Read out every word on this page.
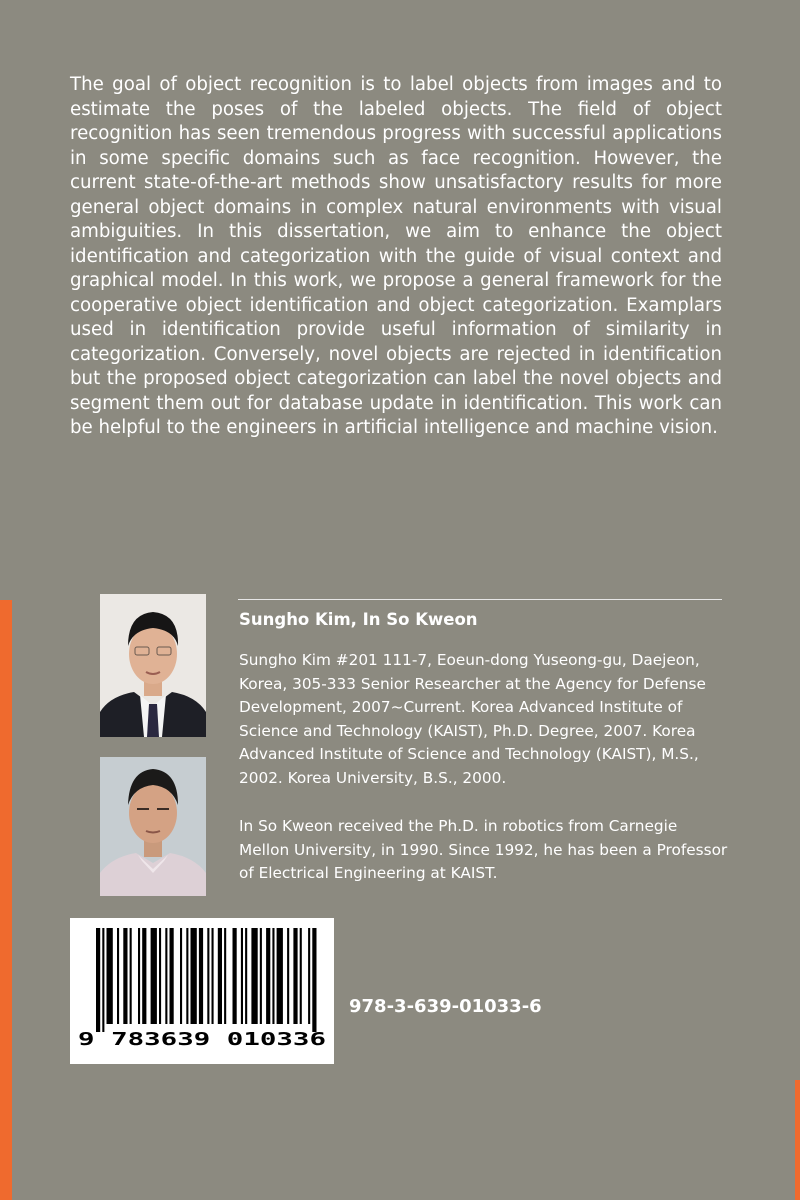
The goal of object recognition is to label objects from images and to estimate the poses of the labeled objects. The field of object recognition has seen tremendous progress with successful applications in some specific domains such as face recognition. However, the current state-of-the-art methods show unsatisfactory results for more general object domains in complex natural environments with visual ambiguities. In this dissertation, we aim to enhance the object identification and categorization with the guide of visual context and graphical model. In this work, we propose a general framework for the cooperative object identification and object categorization. Examplars used in identification provide useful information of similarity in categorization. Conversely, novel objects are rejected in identification but the proposed object categorization can label the novel objects and segment them out for database update in identification. This work can be helpful to the engineers in artificial intelligence and machine vision.

Sungho Kim, In So Kweon

Sungho Kim #201 111-7, Eoeun-dong Yuseong-gu, Daejeon, Korea, 305-333 Senior Researcher at the Agency for Defense Development, 2007~Current. Korea Advanced Institute of Science and Technology (KAIST), Ph.D. Degree, 2007. Korea Advanced Institute of Science and Technology (KAIST), M.S., 2002. Korea University, B.S., 2000.

In So Kweon received the Ph.D. in robotics from Carnegie Mellon University, in 1990. Since 1992, he has been a Professor of Electrical Engineering at KAIST.

9 783639 010336

978-3-639-01033-6
